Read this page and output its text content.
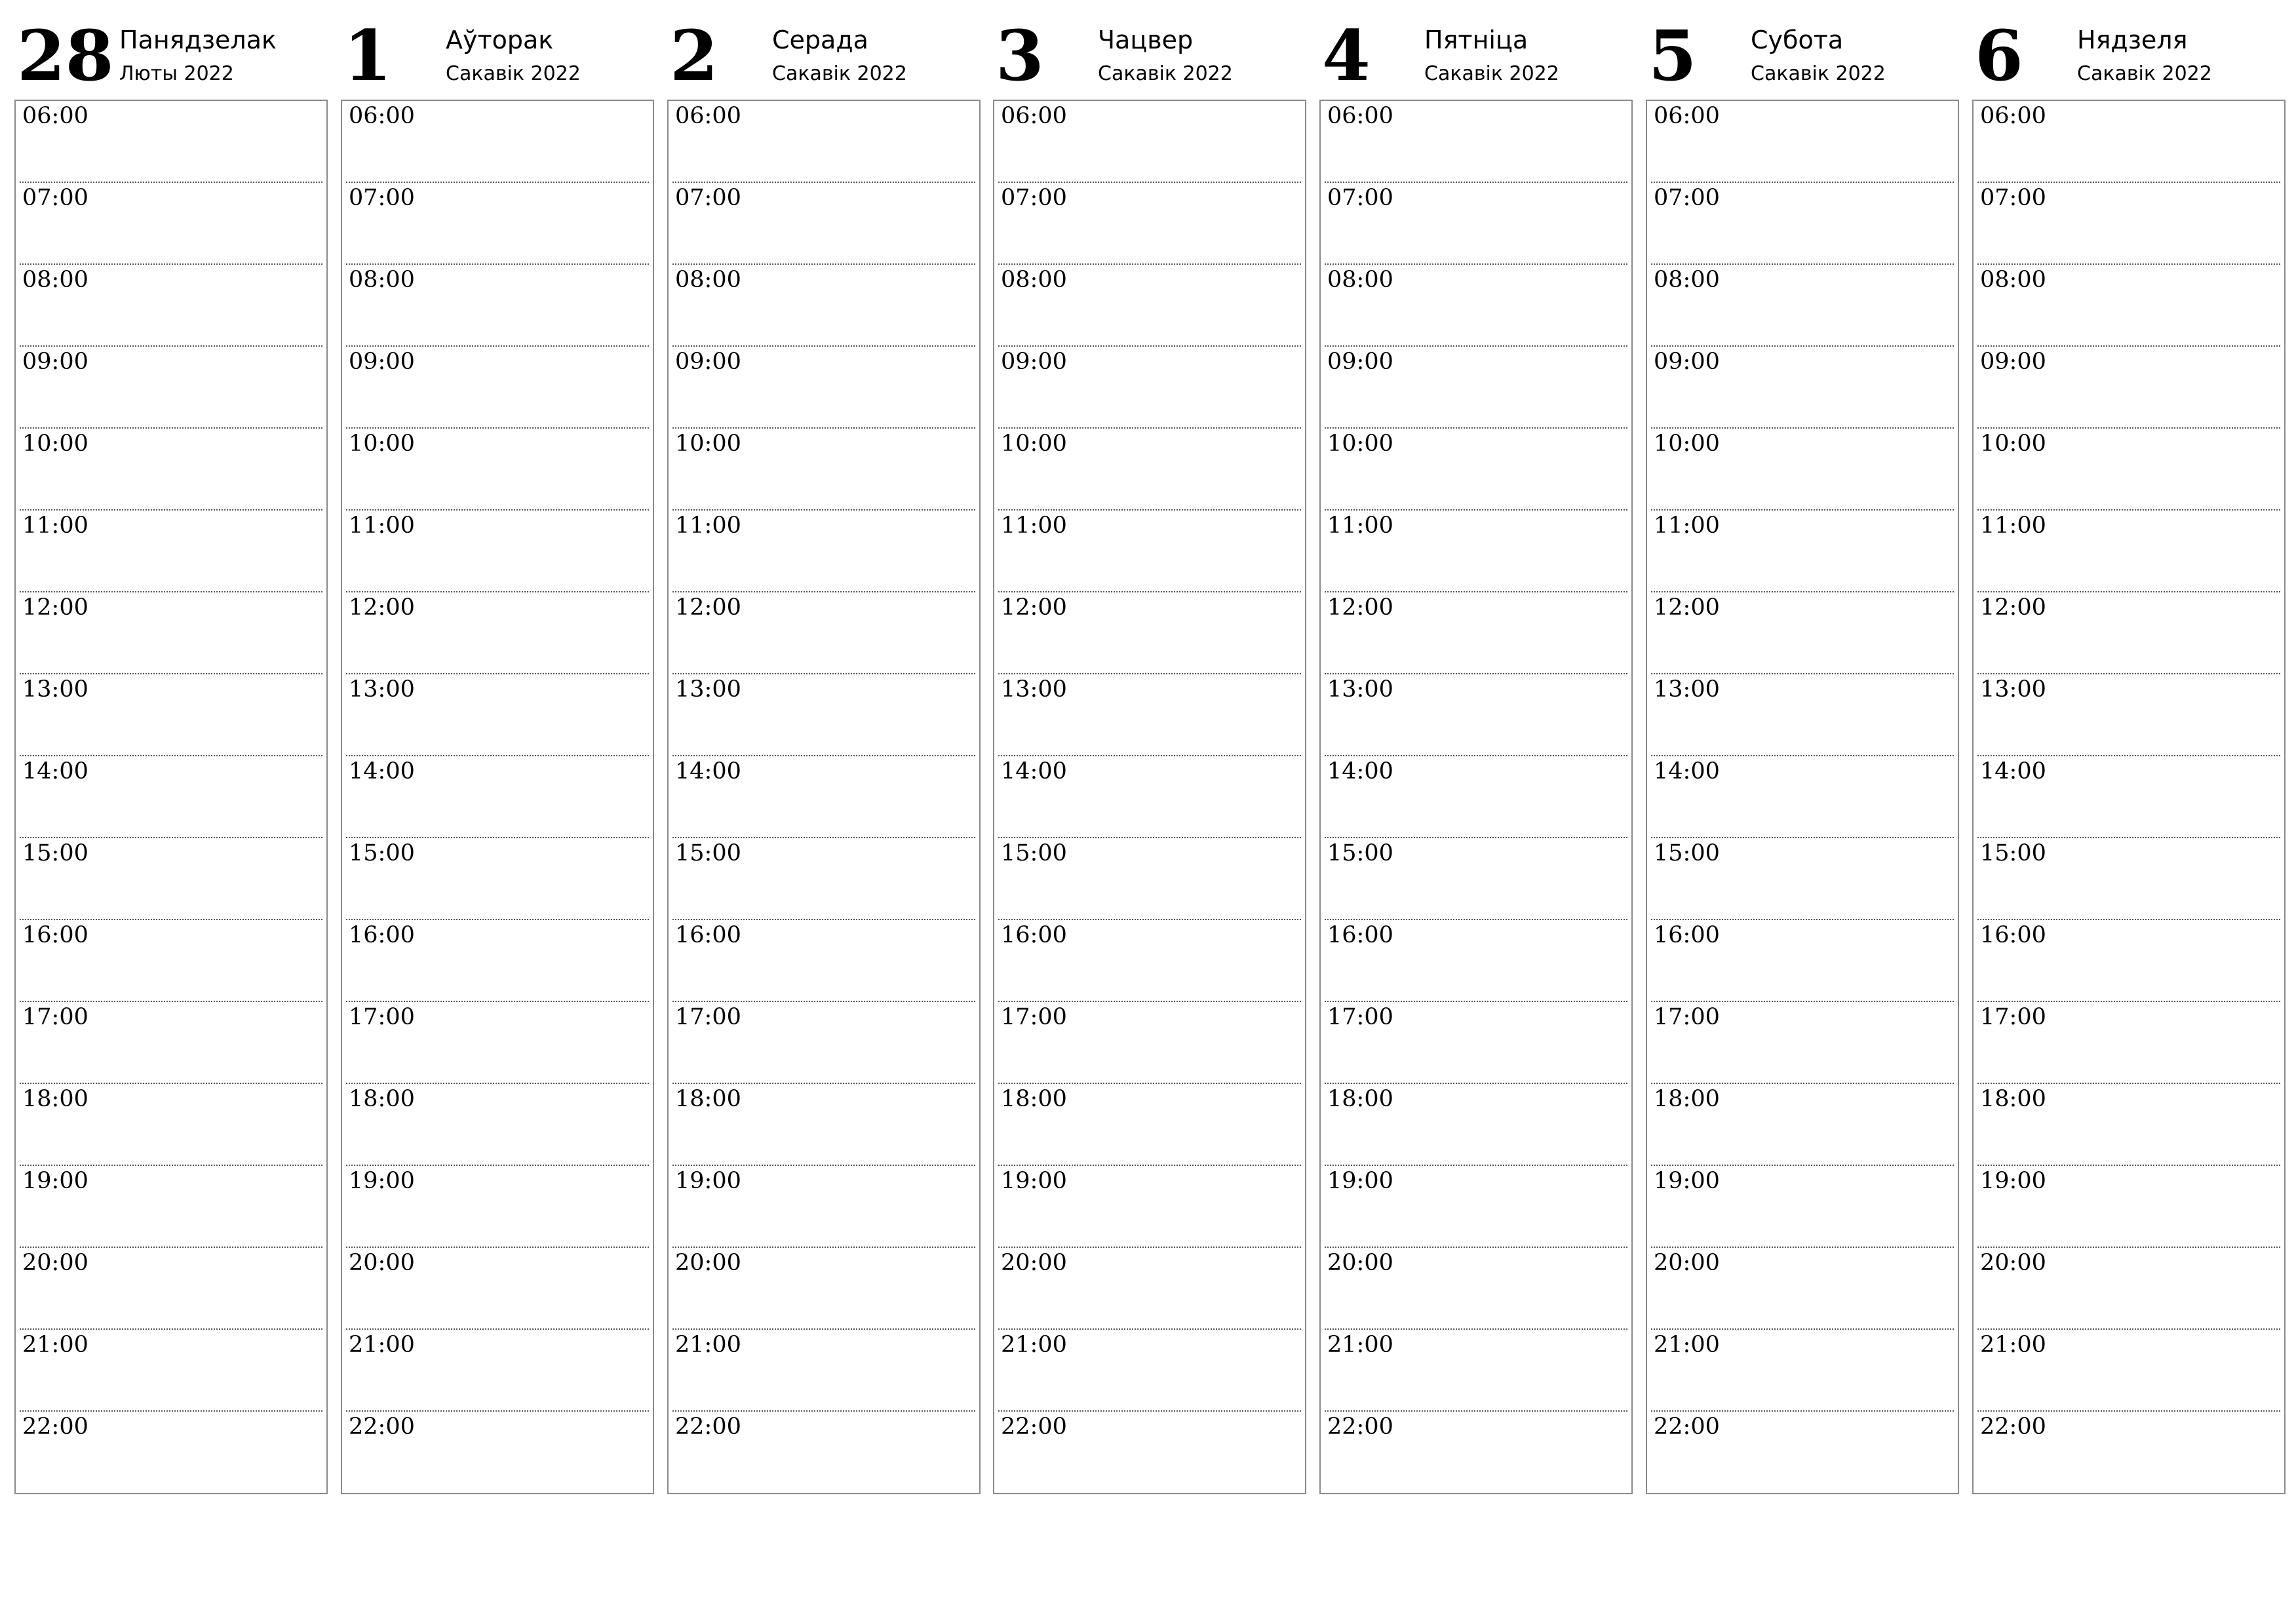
28 Панядзелак
Люты 2022
06:00
07:00
08:00
09:00
10:00
11:00
12:00
13:00
14:00
15:00
16:00
17:00
18:00
19:00
20:00
21:00
22:00
1 Аўторак
Сакавік 2022
06:00
07:00
08:00
09:00
10:00
11:00
12:00
13:00
14:00
15:00
16:00
17:00
18:00
19:00
20:00
21:00
22:00
2 Серада
Сакавік 2022
06:00
07:00
08:00
09:00
10:00
11:00
12:00
13:00
14:00
15:00
16:00
17:00
18:00
19:00
20:00
21:00
22:00
3 Чацвер
Сакавік 2022
06:00
07:00
08:00
09:00
10:00
11:00
12:00
13:00
14:00
15:00
16:00
17:00
18:00
19:00
20:00
21:00
22:00
4 Пятніца
Сакавік 2022
06:00
07:00
08:00
09:00
10:00
11:00
12:00
13:00
14:00
15:00
16:00
17:00
18:00
19:00
20:00
21:00
22:00
5 Субота
Сакавік 2022
06:00
07:00
08:00
09:00
10:00
11:00
12:00
13:00
14:00
15:00
16:00
17:00
18:00
19:00
20:00
21:00
22:00
6 Нядзеля
Сакавік 2022
06:00
07:00
08:00
09:00
10:00
11:00
12:00
13:00
14:00
15:00
16:00
17:00
18:00
19:00
20:00
21:00
22:00
